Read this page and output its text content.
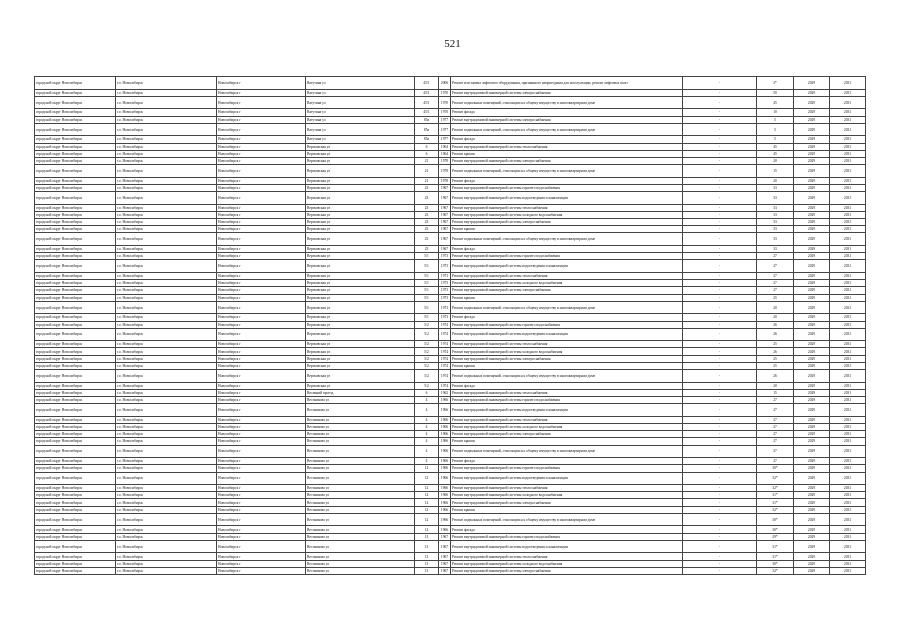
521
городской округ Новосибирск	г.о. Новосибирск	Новосибирск г	Ватутина ул	45/1	2006	Ремонт или замена лифтового оборудования, признанного непригодным для эксплуатации, ремонт лифтовых шахт	-	2*	2029	2031
городской округ Новосибирск	г.о. Новосибирск	Новосибирск г	Ватутина ул	45/1	1970	Ремонт внутридомовой инженерной системы электроснабжения	-	50	2029	2031
городской округ Новосибирск	г.о. Новосибирск	Новосибирск г	Ватутина ул	45/1	1970	Ремонт подвальных помещений, относящихся к общему имуществу в многоквартирном доме	-	45	2029	2031
городской округ Новосибирск	г.о. Новосибирск	Новосибирск г	Ватутина ул	45/1	1970	Ремонт фасада	-	10	2029	2031
городской округ Новосибирск	г.о. Новосибирск	Новосибирск г	Ватутина ул	85а	1977	Ремонт внутридомовой инженерной системы электроснабжения	-	5	2029	2031
городской округ Новосибирск	г.о. Новосибирск	Новосибирск г	Ватутина ул	85а	1977	Ремонт подвальных помещений, относящихся к общему имуществу в многоквартирном доме	-	5	2029	2031
городской округ Новосибирск	г.о. Новосибирск	Новосибирск г	Ватутина ул	85а	1977	Ремонт фасада	-	5	2029	2031
городской округ Новосибирск	г.о. Новосибирск	Новосибирск г	Вертковская ул	6	1964	Ремонт внутридомовой инженерной системы теплоснабжения	-	45	2029	2031
городской округ Новосибирск	г.о. Новосибирск	Новосибирск г	Вертковская ул	6	1964	Ремонт крыши	-	45	2029	2031
городской округ Новосибирск	г.о. Новосибирск	Новосибирск г	Вертковская ул	21	1978	Ремонт внутридомовой инженерной системы электроснабжения	-	20	2029	2031
городской округ Новосибирск	г.о. Новосибирск	Новосибирск г	Вертковская ул	21	1978	Ремонт подвальных помещений, относящихся к общему имуществу в многоквартирном доме	-	15	2029	2031
городской округ Новосибирск	г.о. Новосибирск	Новосибирск г	Вертковская ул	21	1978	Ремонт фасада	-	20	2029	2031
городской округ Новосибирск	г.о. Новосибирск	Новосибирск г	Вертковская ул	23	1967	Ремонт внутридомовой инженерной системы горячего водоснабжения	-	33	2029	2031
городской округ Новосибирск	г.о. Новосибирск	Новосибирск г	Вертковская ул	23	1967	Ремонт внутридомовой инженерной системы водоотведения и канализации	-	33	2029	2031
городской округ Новосибирск	г.о. Новосибирск	Новосибирск г	Вертковская ул	23	1967	Ремонт внутридомовой инженерной системы теплоснабжения	-	33	2029	2031
городской округ Новосибирск	г.о. Новосибирск	Новосибирск г	Вертковская ул	23	1967	Ремонт внутридомовой инженерной системы холодного водоснабжения	-	33	2029	2031
городской округ Новосибирск	г.о. Новосибирск	Новосибирск г	Вертковская ул	23	1967	Ремонт внутридомовой инженерной системы электроснабжения	-	33	2029	2031
городской округ Новосибирск	г.о. Новосибирск	Новосибирск г	Вертковская ул	23	1967	Ремонт крыши	-	33	2029	2031
городской округ Новосибирск	г.о. Новосибирск	Новосибирск г	Вертковская ул	23	1967	Ремонт подвальных помещений, относящихся к общему имуществу в многоквартирном доме	-	33	2029	2031
городской округ Новосибирск	г.о. Новосибирск	Новосибирск г	Вертковская ул	23	1967	Ремонт фасада	-	33	2029	2031
городской округ Новосибирск	г.о. Новосибирск	Новосибирск г	Вертковская ул	5/1	1973	Ремонт внутридомовой инженерной системы горячего водоснабжения	-	27	2029	2031
городской округ Новосибирск	г.о. Новосибирск	Новосибирск г	Вертковская ул	5/1	1973	Ремонт внутридомовой инженерной системы водоотведения и канализации	-	27	2029	2031
городской округ Новосибирск	г.о. Новосибирск	Новосибирск г	Вертковская ул	5/1	1973	Ремонт внутридомовой инженерной системы теплоснабжения	-	27	2029	2031
городской округ Новосибирск	г.о. Новосибирск	Новосибирск г	Вертковская ул	5/1	1973	Ремонт внутридомовой инженерной системы холодного водоснабжения	-	27	2029	2031
городской округ Новосибирск	г.о. Новосибирск	Новосибирск г	Вертковская ул	5/1	1973	Ремонт внутридомовой инженерной системы электроснабжения	-	27	2029	2031
городской округ Новосибирск	г.о. Новосибирск	Новосибирск г	Вертковская ул	5/1	1973	Ремонт крыши	-	25	2029	2031
городской округ Новосибирск	г.о. Новосибирск	Новосибирск г	Вертковская ул	5/1	1973	Ремонт подвальных помещений, относящихся к общему имуществу в многоквартирном доме	-	20	2029	2031
городской округ Новосибирск	г.о. Новосибирск	Новосибирск г	Вертковская ул	5/1	1973	Ремонт фасада	-	20	2029	2031
городской округ Новосибирск	г.о. Новосибирск	Новосибирск г	Вертковская ул	5/2	1974	Ремонт внутридомовой инженерной системы горячего водоснабжения	-	26	2029	2031
городской округ Новосибирск	г.о. Новосибирск	Новосибирск г	Вертковская ул	5/2	1974	Ремонт внутридомовой инженерной системы водоотведения и канализации	-	26	2029	2031
городской округ Новосибирск	г.о. Новосибирск	Новосибирск г	Вертковская ул	5/2	1974	Ремонт внутридомовой инженерной системы теплоснабжения	-	25	2029	2031
городской округ Новосибирск	г.о. Новосибирск	Новосибирск г	Вертковская ул	5/2	1974	Ремонт внутридомовой инженерной системы холодного водоснабжения	-	26	2029	2031
городской округ Новосибирск	г.о. Новосибирск	Новосибирск г	Вертковская ул	5/2	1974	Ремонт внутридомовой инженерной системы электроснабжения	-	25	2029	2031
городской округ Новосибирск	г.о. Новосибирск	Новосибирск г	Вертковская ул	5/2	1974	Ремонт крыши	-	25	2029	2031
городской округ Новосибирск	г.о. Новосибирск	Новосибирск г	Вертковская ул	5/2	1974	Ремонт подвальных помещений, относящихся к общему имуществу в многоквартирном доме	-	26	2029	2031
городской округ Новосибирск	г.о. Новосибирск	Новосибирск г	Вертковская ул	5/2	1974	Ремонт фасада	-	20	2029	2031
городской округ Новосибирск	г.о. Новосибирск	Новосибирск г	Весенний проезд	6	1962	Ремонт внутридомовой инженерной системы теплоснабжения	-	15	2029	2031
городской округ Новосибирск	г.о. Новосибирск	Новосибирск г	Вестникова ул	4	1966	Ремонт внутридомовой инженерной системы горячего водоснабжения	-	27	2029	2031
городской округ Новосибирск	г.о. Новосибирск	Новосибирск г	Вестникова ул	4	1966	Ремонт внутридомовой инженерной системы водоотведения и канализации	-	27	2029	2031
городской округ Новосибирск	г.о. Новосибирск	Новосибирск г	Вестникова ул	4	1966	Ремонт внутридомовой инженерной системы теплоснабжения	-	27	2029	2031
городской округ Новосибирск	г.о. Новосибирск	Новосибирск г	Вестникова ул	4	1966	Ремонт внутридомовой инженерной системы холодного водоснабжения	-	27	2029	2031
городской округ Новосибирск	г.о. Новосибирск	Новосибирск г	Вестникова ул	4	1966	Ремонт внутридомовой инженерной системы электроснабжения	-	27	2029	2031
городской округ Новосибирск	г.о. Новосибирск	Новосибирск г	Вестникова ул	4	1966	Ремонт крыши	-	27	2029	2031
городской округ Новосибирск	г.о. Новосибирск	Новосибирск г	Вестникова ул	4	1966	Ремонт подвальных помещений, относящихся к общему имуществу в многоквартирном доме	-	27	2029	2031
городской округ Новосибирск	г.о. Новосибирск	Новосибирск г	Вестникова ул	4	1966	Ремонт фасада	-	27	2029	2031
городской округ Новосибирск	г.о. Новосибирск	Новосибирск г	Вестникова ул	12	1966	Ремонт внутридомовой инженерной системы горячего водоснабжения	-	30*	2029	2031
городской округ Новосибирск	г.о. Новосибирск	Новосибирск г	Вестникова ул	12	1966	Ремонт внутридомовой инженерной системы водоотведения и канализации	-	32*	2029	2031
городской округ Новосибирск	г.о. Новосибирск	Новосибирск г	Вестникова ул	12	1966	Ремонт внутридомовой инженерной системы теплоснабжения	-	32*	2029	2031
городской округ Новосибирск	г.о. Новосибирск	Новосибирск г	Вестникова ул	12	1966	Ремонт внутридомовой инженерной системы холодного водоснабжения	-	31*	2029	2031
городской округ Новосибирск	г.о. Новосибирск	Новосибирск г	Вестникова ул	12	1966	Ремонт внутридомовой инженерной системы электроснабжения	-	31*	2029	2031
городской округ Новосибирск	г.о. Новосибирск	Новосибирск г	Вестникова ул	12	1966	Ремонт крыши	-	32*	2029	2031
городской округ Новосибирск	г.о. Новосибирск	Новосибирск г	Вестникова ул	12	1966	Ремонт подвальных помещений, относящихся к общему имуществу в многоквартирном доме	-	30*	2029	2031
городской округ Новосибирск	г.о. Новосибирск	Новосибирск г	Вестникова ул	12	1966	Ремонт фасада	-	30*	2029	2031
городской округ Новосибирск	г.о. Новосибирск	Новосибирск г	Вестникова ул	13	1967	Ремонт внутридомовой инженерной системы горячего водоснабжения	-	29*	2029	2031
городской округ Новосибирск	г.о. Новосибирск	Новосибирск г	Вестникова ул	13	1967	Ремонт внутридомовой инженерной системы водоотведения и канализации	-	31*	2029	2031
городской округ Новосибирск	г.о. Новосибирск	Новосибирск г	Вестникова ул	13	1967	Ремонт внутридомовой инженерной системы теплоснабжения	-	31*	2029	2031
городской округ Новосибирск	г.о. Новосибирск	Новосибирск г	Вестникова ул	13	1967	Ремонт внутридомовой инженерной системы холодного водоснабжения	-	30*	2029	2031
городской округ Новосибирск	г.о. Новосибирск	Новосибирск г	Вестникова ул	13	1967	Ремонт внутридомовой инженерной системы электроснабжения	-	32*	2029	2031
